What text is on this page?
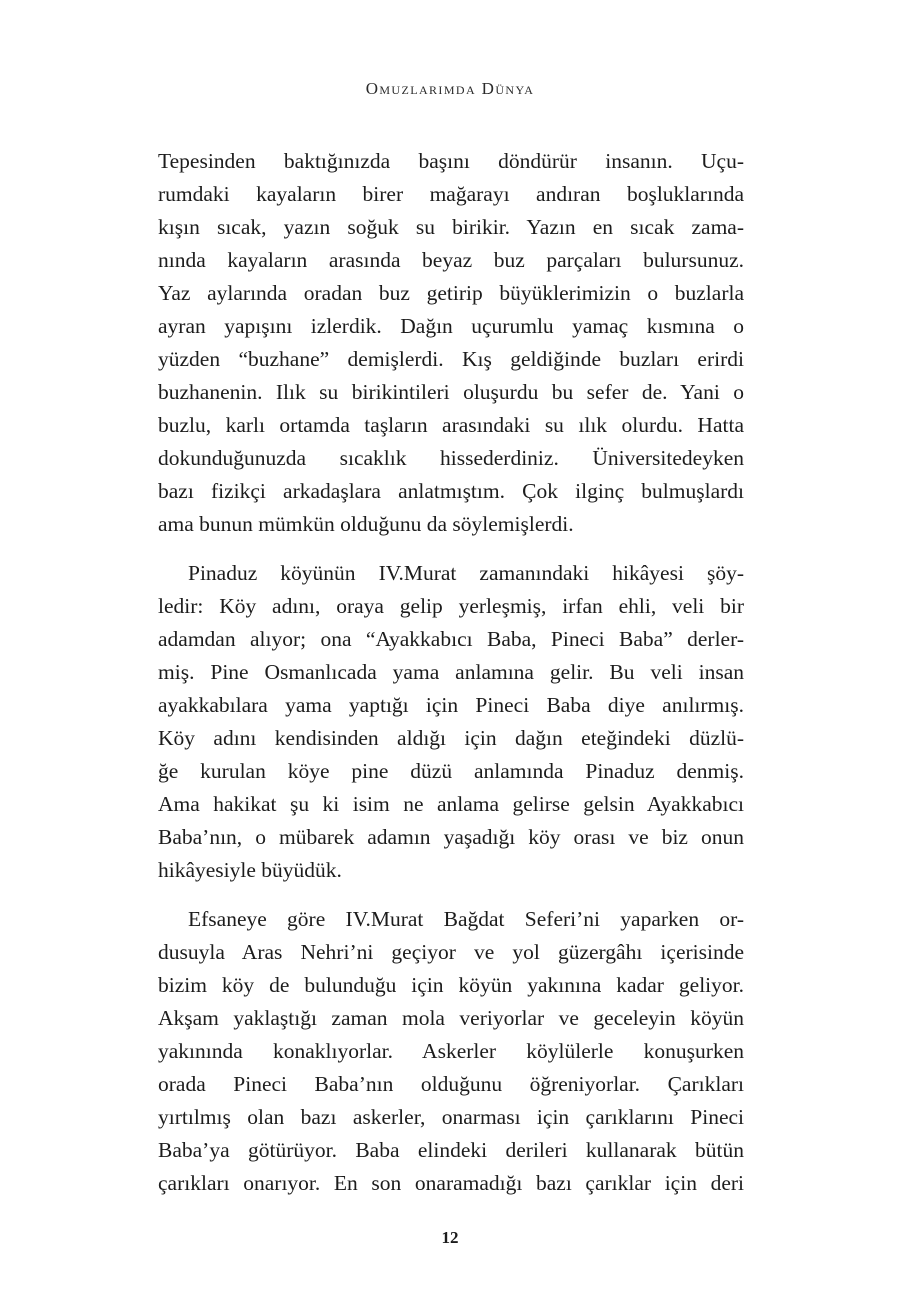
Omuzlarımda Dünya
Tepesinden baktığınızda başını döndürür insanın. Uçu-
rumdaki kayaların birer mağarayı andıran boşluklarında
kışın sıcak, yazın soğuk su birikir. Yazın en sıcak zama-
nında kayaların arasında beyaz buz parçaları bulursunuz.
Yaz aylarında oradan buz getirip büyüklerimizin o buzlarla
ayran yapışını izlerdik. Dağın uçurumlu yamaç kısmına o
yüzden “buzhane” demişlerdi. Kış geldiğinde buzları erirdi
buzhanenin. Ilık su birikintileri oluşurdu bu sefer de. Yani o
buzlu, karlı ortamda taşların arasındaki su ılık olurdu. Hatta
dokunduğunuzda sıcaklık hissederdiniz. Üniversitedeyken
bazı fizikçi arkadaşlara anlatmıştım. Çok ilginç bulmuşlardı
ama bunun mümkün olduğunu da söylemişlerdi.
Pinaduz köyünün IV.Murat zamanındaki hikâyesi şöy-
ledir: Köy adını, oraya gelip yerleşmiş, irfan ehli, veli bir
adamdan alıyor; ona “Ayakkabıcı Baba, Pineci Baba” derler-
miş. Pine Osmanlıcada yama anlamına gelir. Bu veli insan
ayakkabılara yama yaptığı için Pineci Baba diye anılırmış.
Köy adını kendisinden aldığı için dağın eteğindeki düzlü-
ğe kurulan köye pine düzü anlamında Pinaduz denmiş.
Ama hakikat şu ki isim ne anlama gelirse gelsin Ayakkabıcı
Baba’nın, o mübarek adamın yaşadığı köy orası ve biz onun
hikâyesiyle büyüdük.
Efsaneye göre IV.Murat Bağdat Seferi’ni yaparken or-
dusuyla Aras Nehri’ni geçiyor ve yol güzergâhı içerisinde
bizim köy de bulunduğu için köyün yakınına kadar geliyor.
Akşam yaklaştığı zaman mola veriyorlar ve geceleyin köyün
yakınında konaklıyorlar. Askerler köylülerle konuşurken
orada Pineci Baba’nın olduğunu öğreniyorlar. Çarıkları
yırtılmış olan bazı askerler, onarması için çarıklarını Pineci
Baba’ya götürüyor. Baba elindeki derileri kullanarak bütün
çarıkları onarıyor. En son onaramadığı bazı çarıklar için deri
12
